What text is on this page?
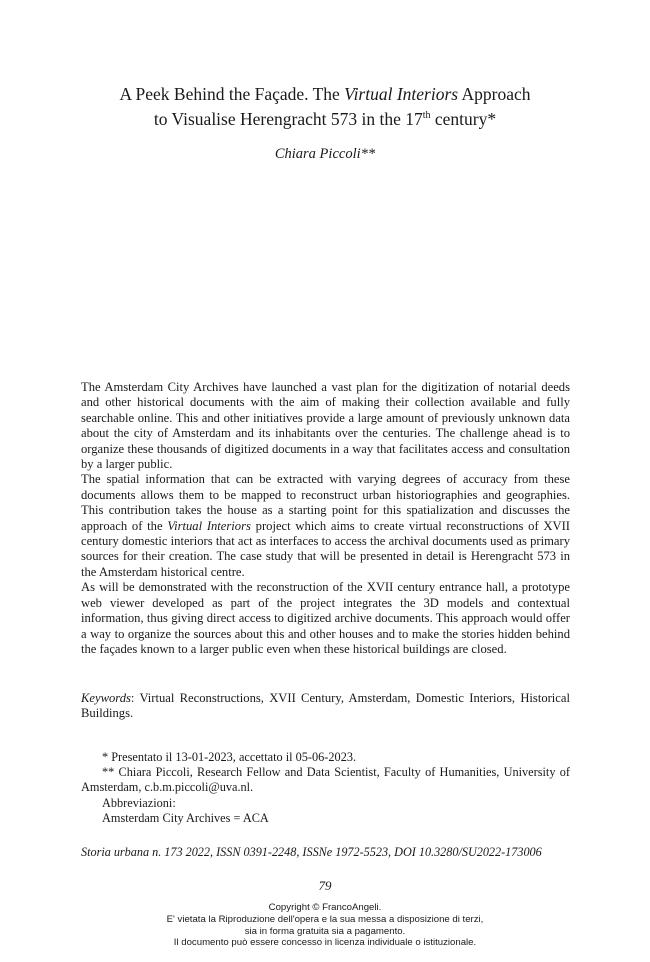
A Peek Behind the Façade. The Virtual Interiors Approach
to Visualise Herengracht 573 in the 17th century*
Chiara Piccoli**

The Amsterdam City Archives have launched a vast plan for the digitization of notarial deeds and other historical documents with the aim of making their collection available and fully searchable online. This and other initiatives provide a large amount of previously unknown data about the city of Amsterdam and its inhabitants over the centuries. The challenge ahead is to organize these thousands of digitized documents in a way that facilitates access and consultation by a larger public.

The spatial information that can be extracted with varying degrees of accuracy from these documents allows them to be mapped to reconstruct urban historiographies and geographies. This contribution takes the house as a starting point for this spatialization and discusses the approach of the Virtual Interiors project which aims to create virtual reconstructions of XVII century domestic interiors that act as interfaces to access the archival documents used as primary sources for their creation. The case study that will be presented in detail is Herengracht 573 in the Amsterdam historical centre.

As will be demonstrated with the reconstruction of the XVII century entrance hall, a prototype web viewer developed as part of the project integrates the 3D models and contextual information, thus giving direct access to digitized archive documents. This approach would offer a way to organize the sources about this and other houses and to make the stories hidden behind the façades known to a larger public even when these historical buildings are closed.

Keywords: Virtual Reconstructions, XVII Century, Amsterdam, Domestic Interiors, Historical Buildings.

* Presentato il 13-01-2023, accettato il 05-06-2023.

** Chiara Piccoli, Research Fellow and Data Scientist, Faculty of Humanities, University of Amsterdam, c.b.m.piccoli@uva.nl.

Abbreviazioni:

Amsterdam City Archives = ACA

Storia urbana n. 173 2022, ISSN 0391-2248, ISSNe 1972-5523, DOI 10.3280/SU2022-173006

79
Copyright © FrancoAngeli.
E' vietata la Riproduzione dell'opera e la sua messa a disposizione di terzi,
sia in forma gratuita sia a pagamento.
Il documento può essere concesso in licenza individuale o istituzionale.
